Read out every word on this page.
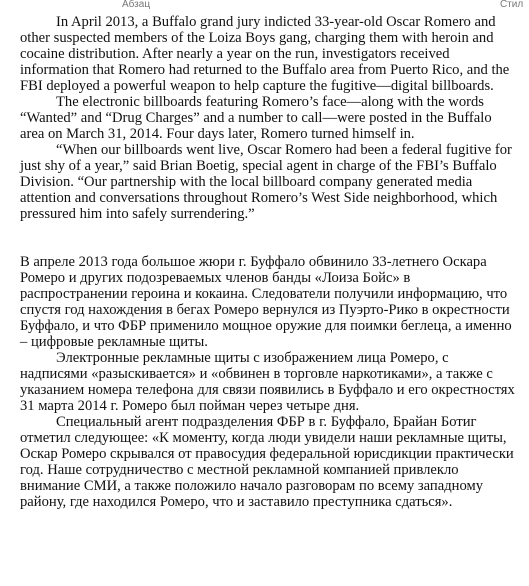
Абзац	Стил

In April 2013, a Buffalo grand jury indicted 33-year-old Oscar Romero and other suspected members of the Loiza Boys gang, charging them with heroin and cocaine distribution. After nearly a year on the run, investigators received information that Romero had returned to the Buffalo area from Puerto Rico, and the FBI deployed a powerful weapon to help capture the fugitive—digital billboards.

The electronic billboards featuring Romero’s face—along with the words “Wanted” and “Drug Charges” and a number to call—were posted in the Buffalo area on March 31, 2014. Four days later, Romero turned himself in.

“When our billboards went live, Oscar Romero had been a federal fugitive for just shy of a year,” said Brian Boetig, special agent in charge of the FBI’s Buffalo Division. “Our partnership with the local billboard company generated media attention and conversations throughout Romero’s West Side neighborhood, which pressured him into safely surrendering.”

В апреле 2013 года большое жюри г. Буффало обвинило 33-летнего Оскара Ромеро и других подозреваемых членов банды «Лоиза Бойс» в распространении героина и кокаина. Следователи получили информацию, что спустя год нахождения в бегах Ромеро вернулся из Пуэрто-Рико в окрестности Буффало, и что ФБР применило мощное оружие для поимки беглеца, а именно – цифровые рекламные щиты.

Электронные рекламные щиты с изображением лица Ромеро, с надписями «разыскивается» и «обвинен в торговле наркотиками», а также с указанием номера телефона для связи появились в Буффало и его окрестностях 31 марта 2014 г. Ромеро был пойман через четыре дня.

Специальный агент подразделения ФБР в г. Буффало, Брайан Ботиг отметил следующее: «К моменту, когда люди увидели наши рекламные щиты, Оскар Ромеро скрывался от правосудия федеральной юрисдикции практически год. Наше сотрудничество с местной рекламной компанией привлекло внимание СМИ, а также положило начало разговорам по всему западному району, где находился Ромеро, что и заставило преступника сдаться».
